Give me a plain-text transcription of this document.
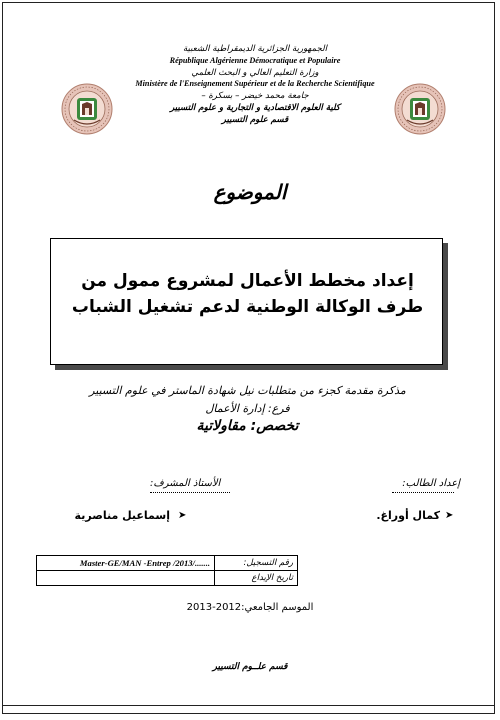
الجمهورية الجزائرية الديمقراطية الشعبية
République Algérienne Démocratique et Populaire
وزارة التعليم العالي و البحث العلمي
Ministère de l'Enseignement Supérieur et de la Recherche Scientifique
جامعة محمد خيضر – بسكرة –
كلية العلوم الاقتصادية و التجارية و علوم التسيير
قسم علوم التسيير
الموضوع
إعداد مخطط الأعمال لمشروع ممول من طرف الوكالة الوطنية لدعم تشغيل الشباب
مذكرة مقدمة كجزء من متطلبات نيل شهادة الماستر في علوم التسيير
فرع: إدارة الأعمال
تخصص: مقاولاتية
إعداد الطالب:
الأستاذ المشرف:
➤
كمال أوراغ.
➤
إسماعيل مناصرية
Master-GE/MAN -Entrep /2013/.......	رقم التسجيل:
	تاريخ الإيداع
الموسم الجامعي:2012-2013
قسم علــوم التسيير
